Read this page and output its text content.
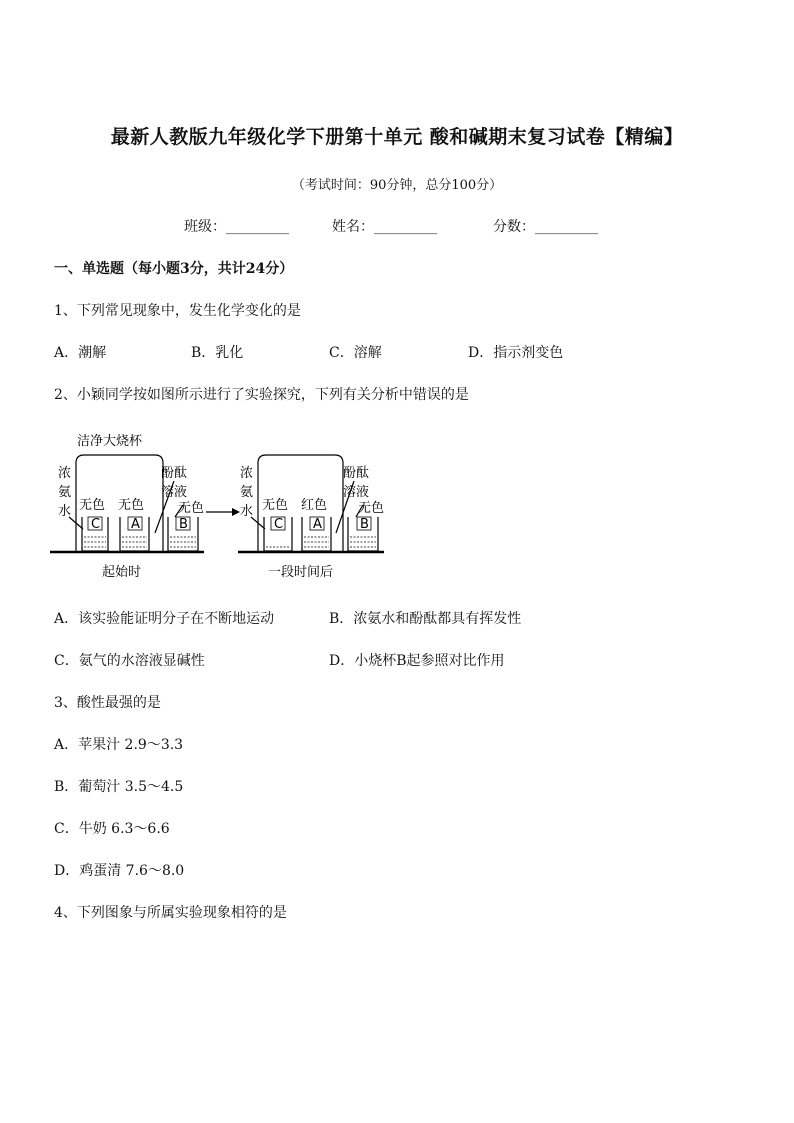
最新人教版九年级化学下册第十单元 酸和碱期末复习试卷【精编】
（考试时间：90分钟，总分100分）
班级：_________	姓名：_________	分数：_________
一、单选题（每小题3分，共计24分）
1、下列常见现象中，发生化学变化的是
A．潮解	B．乳化	C．溶解	D．指示剂变色
2、小颖同学按如图所示进行了实验探究，下列有关分析中错误的是
洁净大烧杯
浓
氨
水
酚酞
溶液
无色 无色	无色
C A	B
起始时
浓
氨
水
酚酞
溶液
无色 红色 无色
C A	B
一段时间后
A．该实验能证明分子在不断地运动	B．浓氨水和酚酞都具有挥发性
C．氨气的水溶液显碱性	D．小烧杯B起参照对比作用
3、酸性最强的是
A．苹果汁 2.9～3.3
B．葡萄汁 3.5～4.5
C．牛奶 6.3～6.6
D．鸡蛋清 7.6～8.0
4、下列图象与所属实验现象相符的是
